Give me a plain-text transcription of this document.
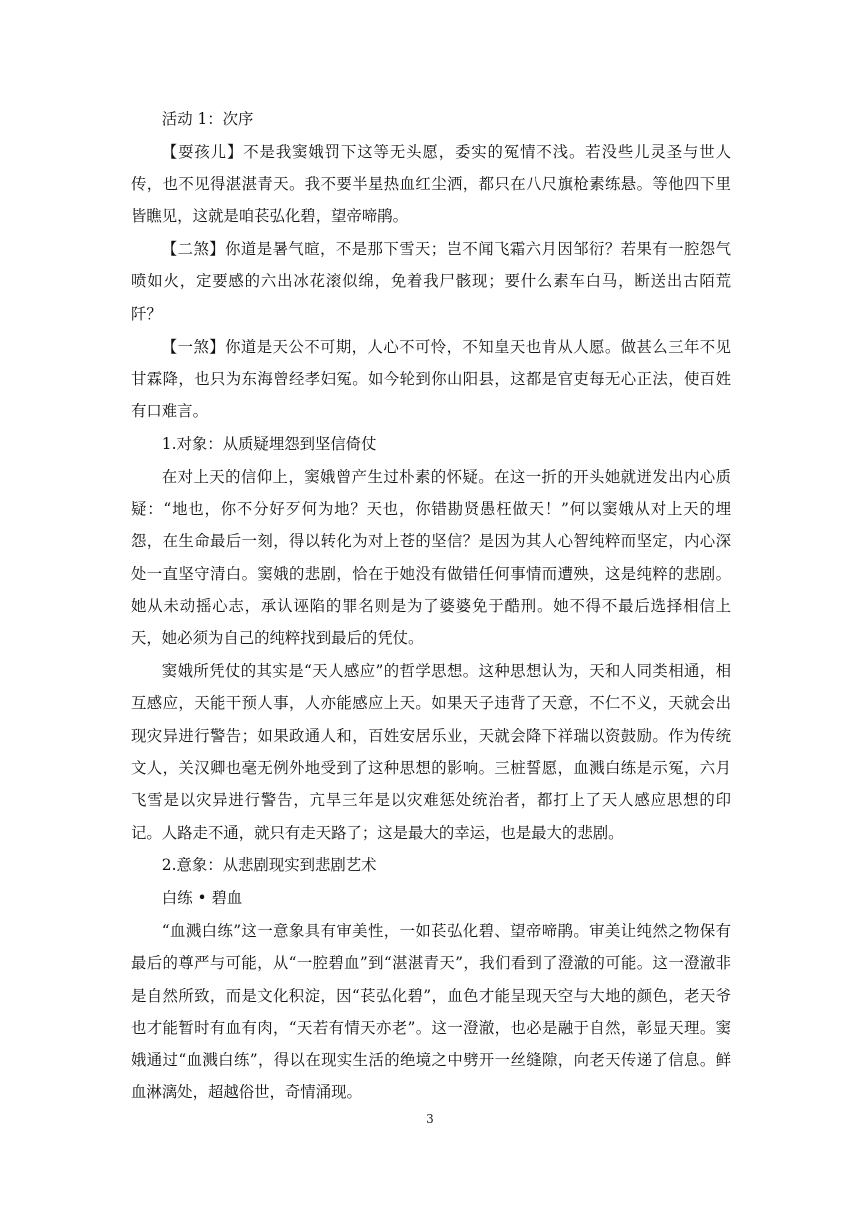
活动 1：次序

【耍孩儿】不是我窦娥罚下这等无头愿，委实的冤情不浅。若没些儿灵圣与世人传，也不见得湛湛青天。我不要半星热血红尘洒，都只在八尺旗枪素练悬。等他四下里皆瞧见，这就是咱苌弘化碧，望帝啼鹃。

【二煞】你道是暑气暄，不是那下雪天；岂不闻飞霜六月因邹衍？若果有一腔怨气喷如火，定要感的六出冰花滚似绵，免着我尸骸现；要什么素车白马，断送出古陌荒阡？

【一煞】你道是天公不可期，人心不可怜，不知皇天也肯从人愿。做甚么三年不见甘霖降，也只为东海曾经孝妇冤。如今轮到你山阳县，这都是官吏每无心正法，使百姓有口难言。

1.对象：从质疑埋怨到坚信倚仗

在对上天的信仰上，窦娥曾产生过朴素的怀疑。在这一折的开头她就迸发出内心质疑：“地也，你不分好歹何为地？天也，你错勘贤愚枉做天！”何以窦娥从对上天的埋怨，在生命最后一刻，得以转化为对上苍的坚信？是因为其人心智纯粹而坚定，内心深处一直坚守清白。窦娥的悲剧，恰在于她没有做错任何事情而遭殃，这是纯粹的悲剧。她从未动摇心志，承认诬陷的罪名则是为了婆婆免于酷刑。她不得不最后选择相信上天，她必须为自己的纯粹找到最后的凭仗。

窦娥所凭仗的其实是“天人感应”的哲学思想。这种思想认为，天和人同类相通，相互感应，天能干预人事，人亦能感应上天。如果天子违背了天意，不仁不义，天就会出现灾异进行警告；如果政通人和，百姓安居乐业，天就会降下祥瑞以资鼓励。作为传统文人，关汉卿也毫无例外地受到了这种思想的影响。三桩誓愿，血溅白练是示冤，六月飞雪是以灾异进行警告，亢旱三年是以灾难惩处统治者，都打上了天人感应思想的印记。人路走不通，就只有走天路了；这是最大的幸运，也是最大的悲剧。

2.意象：从悲剧现实到悲剧艺术

白练 • 碧血

“血溅白练”这一意象具有审美性，一如苌弘化碧、望帝啼鹃。审美让纯然之物保有最后的尊严与可能，从“一腔碧血”到“湛湛青天”，我们看到了澄澈的可能。这一澄澈非是自然所致，而是文化积淀，因“苌弘化碧”，血色才能呈现天空与大地的颜色，老天爷也才能暂时有血有肉，“天若有情天亦老”。这一澄澈，也必是融于自然，彰显天理。窦娥通过“血溅白练”，得以在现实生活的绝境之中劈开一丝缝隙，向老天传递了信息。鲜血淋漓处，超越俗世，奇情涌现。

3
